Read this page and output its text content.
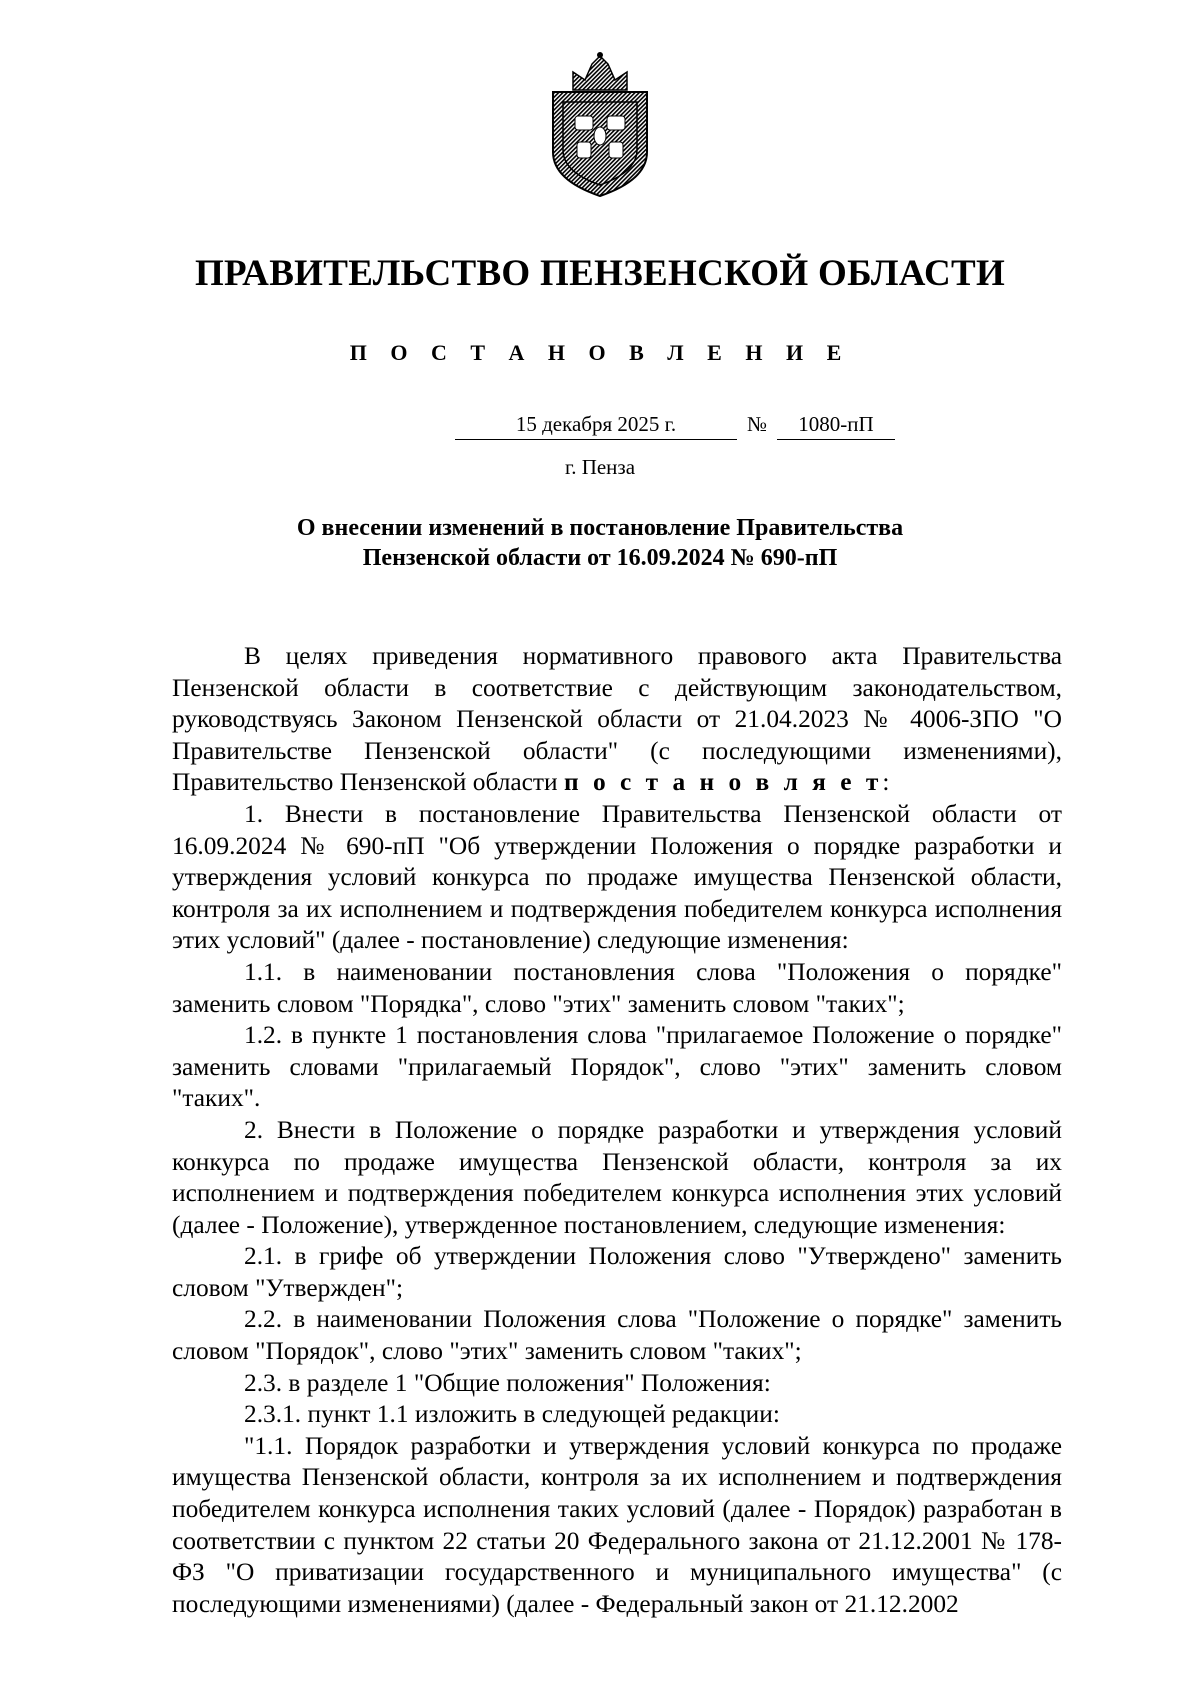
ПРАВИТЕЛЬСТВО ПЕНЗЕНСКОЙ ОБЛАСТИ
П О С Т А Н О В Л Е Н И Е
15 декабря 2025 г.	№ 1080-пП
г. Пенза
О внесении изменений в постановление Правительства
Пензенской области от 16.09.2024 № 690-пП

В целях приведения нормативного правового акта Правительства Пензенской области в соответствие с действующим законодательством, руководствуясь Законом Пензенской области от 21.04.2023 № 4006-ЗПО "О Правительстве Пензенской области" (с последующими изменениями), Правительство Пензенской области п о с т а н о в л я е т:

1. Внести в постановление Правительства Пензенской области от 16.09.2024 № 690-пП "Об утверждении Положения о порядке разработки и утверждения условий конкурса по продаже имущества Пензенской области, контроля за их исполнением и подтверждения победителем конкурса исполнения этих условий" (далее - постановление) следующие изменения:

1.1. в наименовании постановления слова "Положения о порядке" заменить словом "Порядка", слово "этих" заменить словом "таких";

1.2. в пункте 1 постановления слова "прилагаемое Положение о порядке" заменить словами "прилагаемый Порядок", слово "этих" заменить словом "таких".

2. Внести в Положение о порядке разработки и утверждения условий конкурса по продаже имущества Пензенской области, контроля за их исполнением и подтверждения победителем конкурса исполнения этих условий (далее - Положение), утвержденное постановлением, следующие изменения:

2.1. в грифе об утверждении Положения слово "Утверждено" заменить словом "Утвержден";

2.2. в наименовании Положения слова "Положение о порядке" заменить словом "Порядок", слово "этих" заменить словом "таких";

2.3. в разделе 1 "Общие положения" Положения:

2.3.1. пункт 1.1 изложить в следующей редакции:

"1.1. Порядок разработки и утверждения условий конкурса по продаже имущества Пензенской области, контроля за их исполнением и подтверждения победителем конкурса исполнения таких условий (далее - Порядок) разработан в соответствии с пунктом 22 статьи 20 Федерального закона от 21.12.2001 № 178-ФЗ "О приватизации государственного и муниципального имущества" (с последующими изменениями) (далее - Федеральный закон от 21.12.2002
